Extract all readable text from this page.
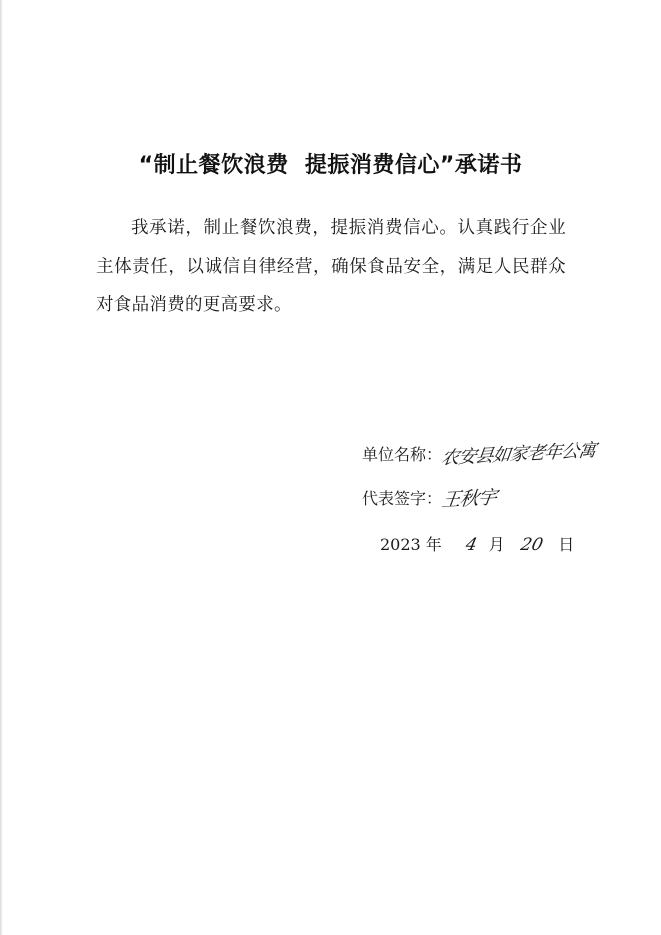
“制止餐饮浪费  提振消费信心”承诺书
我承诺，制止餐饮浪费，提振消费信心。认真践行企业主体责任，以诚信自律经营，确保食品安全，满足人民群众对食品消费的更高要求。
单位名称：
农安县如家老年公寓
代表签字：
王秋宇
2023 年 4 月 20 日
